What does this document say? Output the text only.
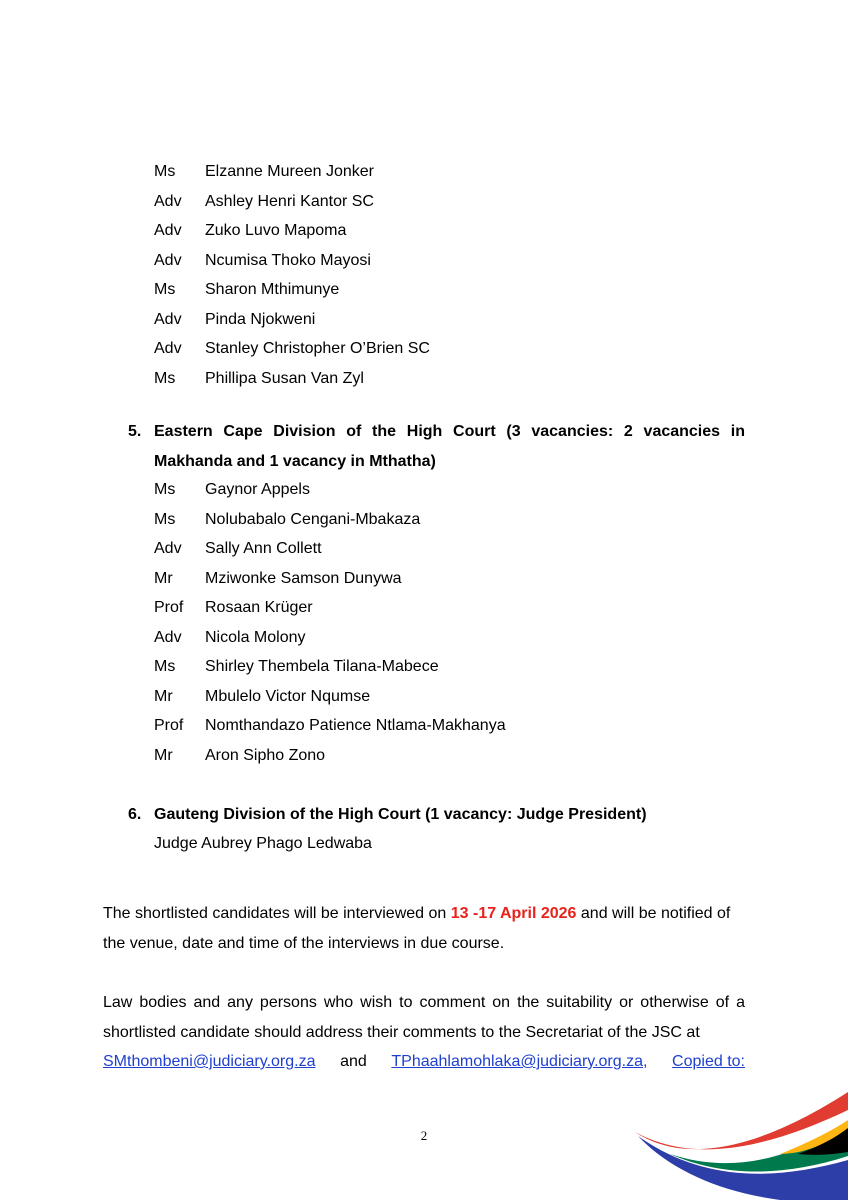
Ms Elzanne Mureen Jonker
Adv Ashley Henri Kantor SC
Adv Zuko Luvo Mapoma
Adv Ncumisa Thoko Mayosi
Ms Sharon Mthimunye
Adv Pinda Njokweni
Adv Stanley Christopher O’Brien SC
Ms Phillipa Susan Van Zyl
5. Eastern Cape Division of the High Court (3 vacancies: 2 vacancies in Makhanda and 1 vacancy in Mthatha)
Ms Gaynor Appels
Ms Nolubabalo Cengani-Mbakaza
Adv Sally Ann Collett
Mr Mziwonke Samson Dunywa
Prof Rosaan Krüger
Adv Nicola Molony
Ms Shirley Thembela Tilana-Mabece
Mr Mbulelo Victor Nqumse
Prof Nomthandazo Patience Ntlama-Makhanya
Mr Aron Sipho Zono
6. Gauteng Division of the High Court (1 vacancy: Judge President)
Judge Aubrey Phago Ledwaba

The shortlisted candidates will be interviewed on 13 -17 April 2026 and will be notified of the venue, date and time of the interviews in due course.

Law bodies and any persons who wish to comment on the suitability or otherwise of a shortlisted candidate should address their comments to the Secretariat of the JSC at

SMthombeni@judiciary.org.za and TPhaahlamohlaka@judiciary.org.za, Copied to:
2
